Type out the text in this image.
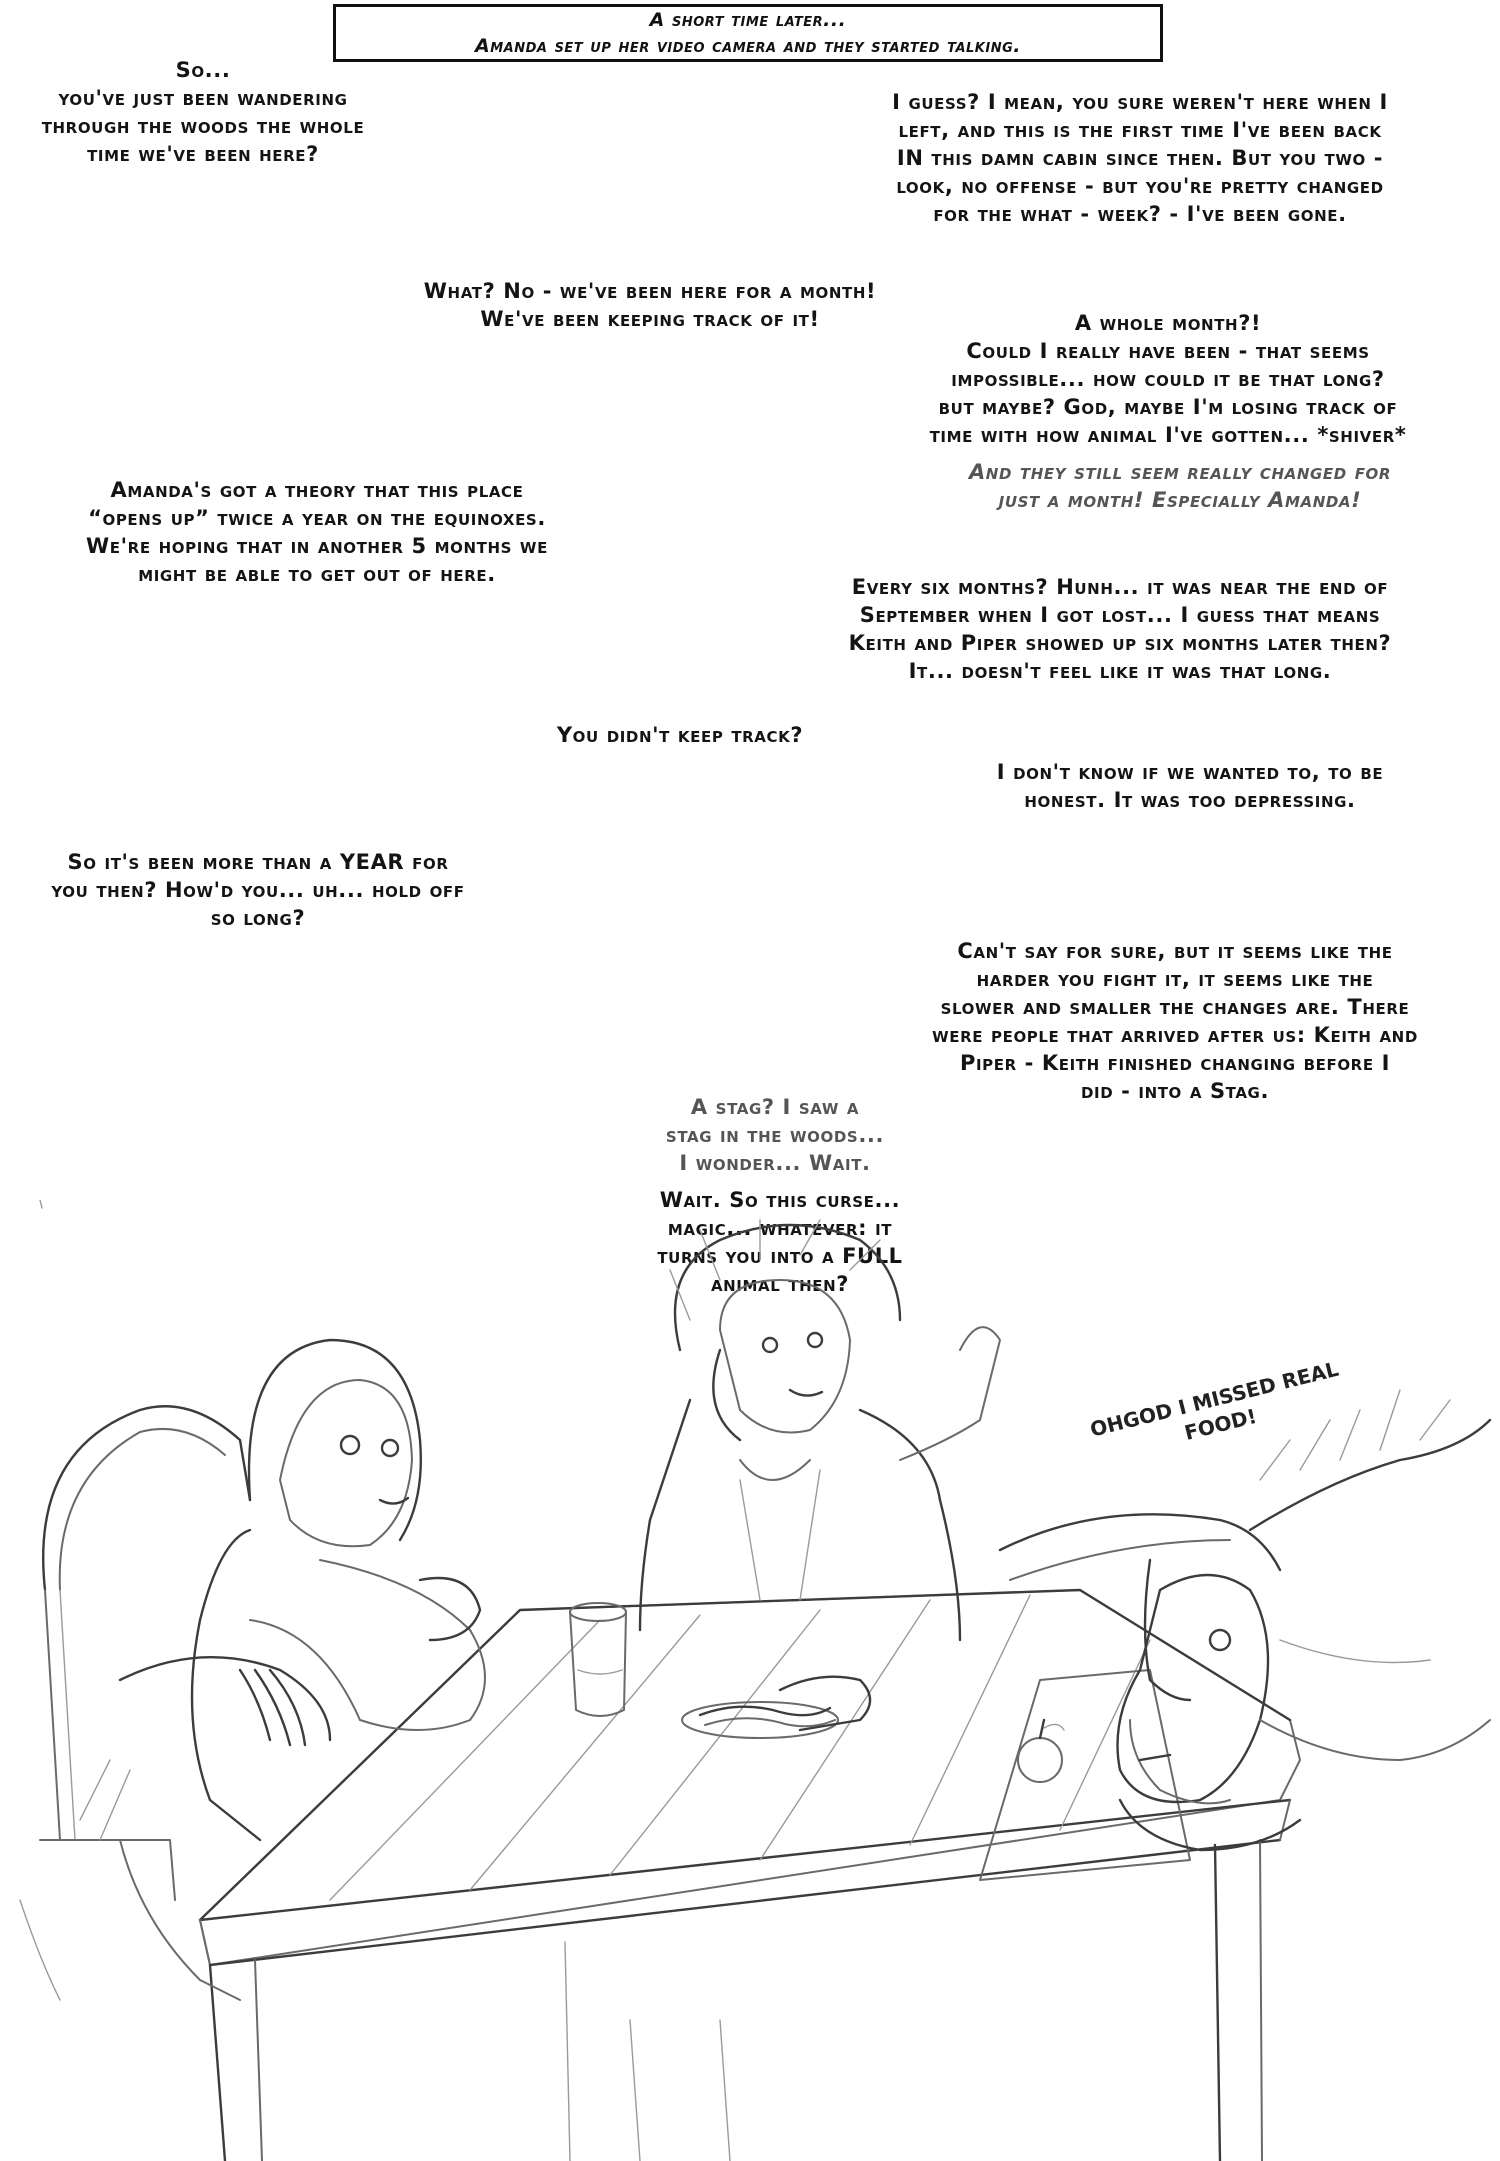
A short time later...
Amanda set up her video camera and they started talking.
So...
you've just been wandering
through the woods the whole
time we've been here?
I guess? I mean, you sure weren't here when I
left, and this is the first time I've been back
IN this damn cabin since then. But you two -
look, no offense - but you're pretty changed
for the what - week? - I've been gone.
What? No - we've been here for a month!
We've been keeping track of it!	A whole month?!
Could I really have been - that seems
impossible... how could it be that long?
but maybe? God, maybe I'm losing track of
time with how animal I've gotten... *shiver*
And they still seem really changed for
just a month! Especially Amanda!
Amanda's got a theory that this place
“opens up” twice a year on the equinoxes.
We're hoping that in another 5 months we
might be able to get out of here.
Every six months? Hunh... it was near the end of
September when I got lost... I guess that means
Keith and Piper showed up six months later then?
It... doesn't feel like it was that long.
You didn't keep track?
I don't know if we wanted to, to be
honest. It was too depressing.
So it's been more than a YEAR for
you then? How'd you... uh... hold off
so long?
Can't say for sure, but it seems like the
harder you fight it, it seems like the
slower and smaller the changes are. There
were people that arrived after us: Keith and
Piper - Keith finished changing before I
did - into a Stag.
A stag? I saw a
stag in the woods...
I wonder... Wait.
Wait. So this curse...
magic... whatever: it
turns you into a FULL
animal then?
OHGOD I MISSED REAL
FOOD!
